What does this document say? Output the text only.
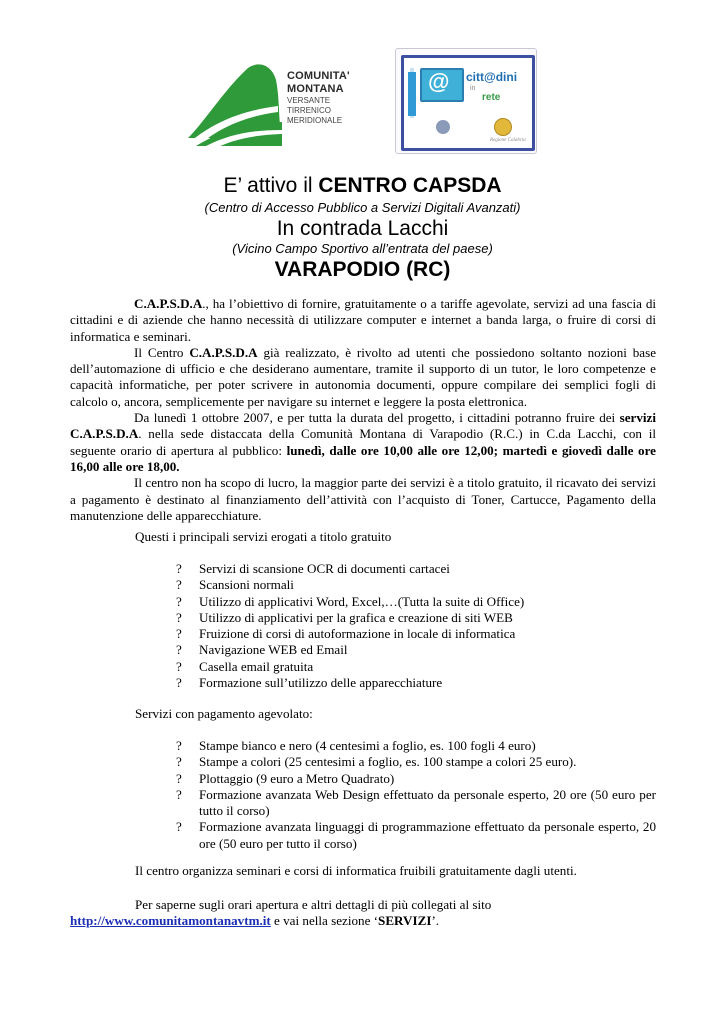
COMUNITA'
MONTANA
VERSANTE
TIRRENICO
MERIDIONALE
@ citt@dini
in
rete
Regione Calabria
E’ attivo il CENTRO CAPSDA
(Centro di Accesso Pubblico a Servizi Digitali Avanzati)
In contrada Lacchi
(Vicino Campo Sportivo all’entrata del paese)
VARAPODIO (RC)

C.A.P.S.D.A., ha l’obiettivo di fornire, gratuitamente o a tariffe agevolate, servizi ad una fascia di cittadini e di aziende che hanno necessità di utilizzare computer e internet a banda larga, o fruire di corsi di informatica e seminari.

Il Centro C.A.P.S.D.A già realizzato, è rivolto ad utenti che possiedono soltanto nozioni base dell’automazione di ufficio e che desiderano aumentare, tramite il supporto di un tutor, le loro competenze e capacità informatiche, per poter scrivere in autonomia documenti, oppure compilare dei semplici fogli di calcolo o, ancora, semplicemente per navigare su internet e leggere la posta elettronica.

Da lunedì 1 ottobre 2007, e per tutta la durata del progetto, i cittadini potranno fruire dei servizi C.A.P.S.D.A. nella sede distaccata della Comunità Montana di Varapodio (R.C.) in C.da Lacchi, con il seguente orario di apertura al pubblico: lunedì, dalle ore 10,00 alle ore 12,00; martedì e giovedì dalle ore 16,00 alle ore 18,00.

Il centro non ha scopo di lucro, la maggior parte dei servizi è a titolo gratuito, il ricavato dei servizi a pagamento è destinato al finanziamento dell’attività con l’acquisto di Toner, Cartucce, Pagamento della manutenzione delle apparecchiature.

Questi i principali servizi erogati a titolo gratuito
? Servizi di scansione OCR di documenti cartacei
? Scansioni normali
? Utilizzo di applicativi Word, Excel,…(Tutta la suite di Office)
? Utilizzo di applicativi per la grafica e creazione di siti WEB
? Fruizione di corsi di autoformazione in locale di informatica
? Navigazione WEB ed Email
? Casella email gratuita
? Formazione sull’utilizzo delle apparecchiature
Servizi con pagamento agevolato:
? Stampe bianco e nero (4 centesimi a foglio, es. 100 fogli 4 euro)
? Stampe a colori (25 centesimi a foglio, es. 100 stampe a colori 25 euro).
? Plottaggio (9 euro a Metro Quadrato)
? Formazione avanzata Web Design effettuato da personale esperto, 20 ore (50 euro per tutto il corso)
? Formazione avanzata linguaggi di programmazione effettuato da personale esperto, 20 ore (50 euro per tutto il corso)
Il centro organizza seminari e corsi di informatica fruibili gratuitamente dagli utenti.
Per saperne sugli orari apertura e altri dettagli di più collegati al sito
http://www.comunitamontanavtm.it e vai nella sezione ‘SERVIZI’.
